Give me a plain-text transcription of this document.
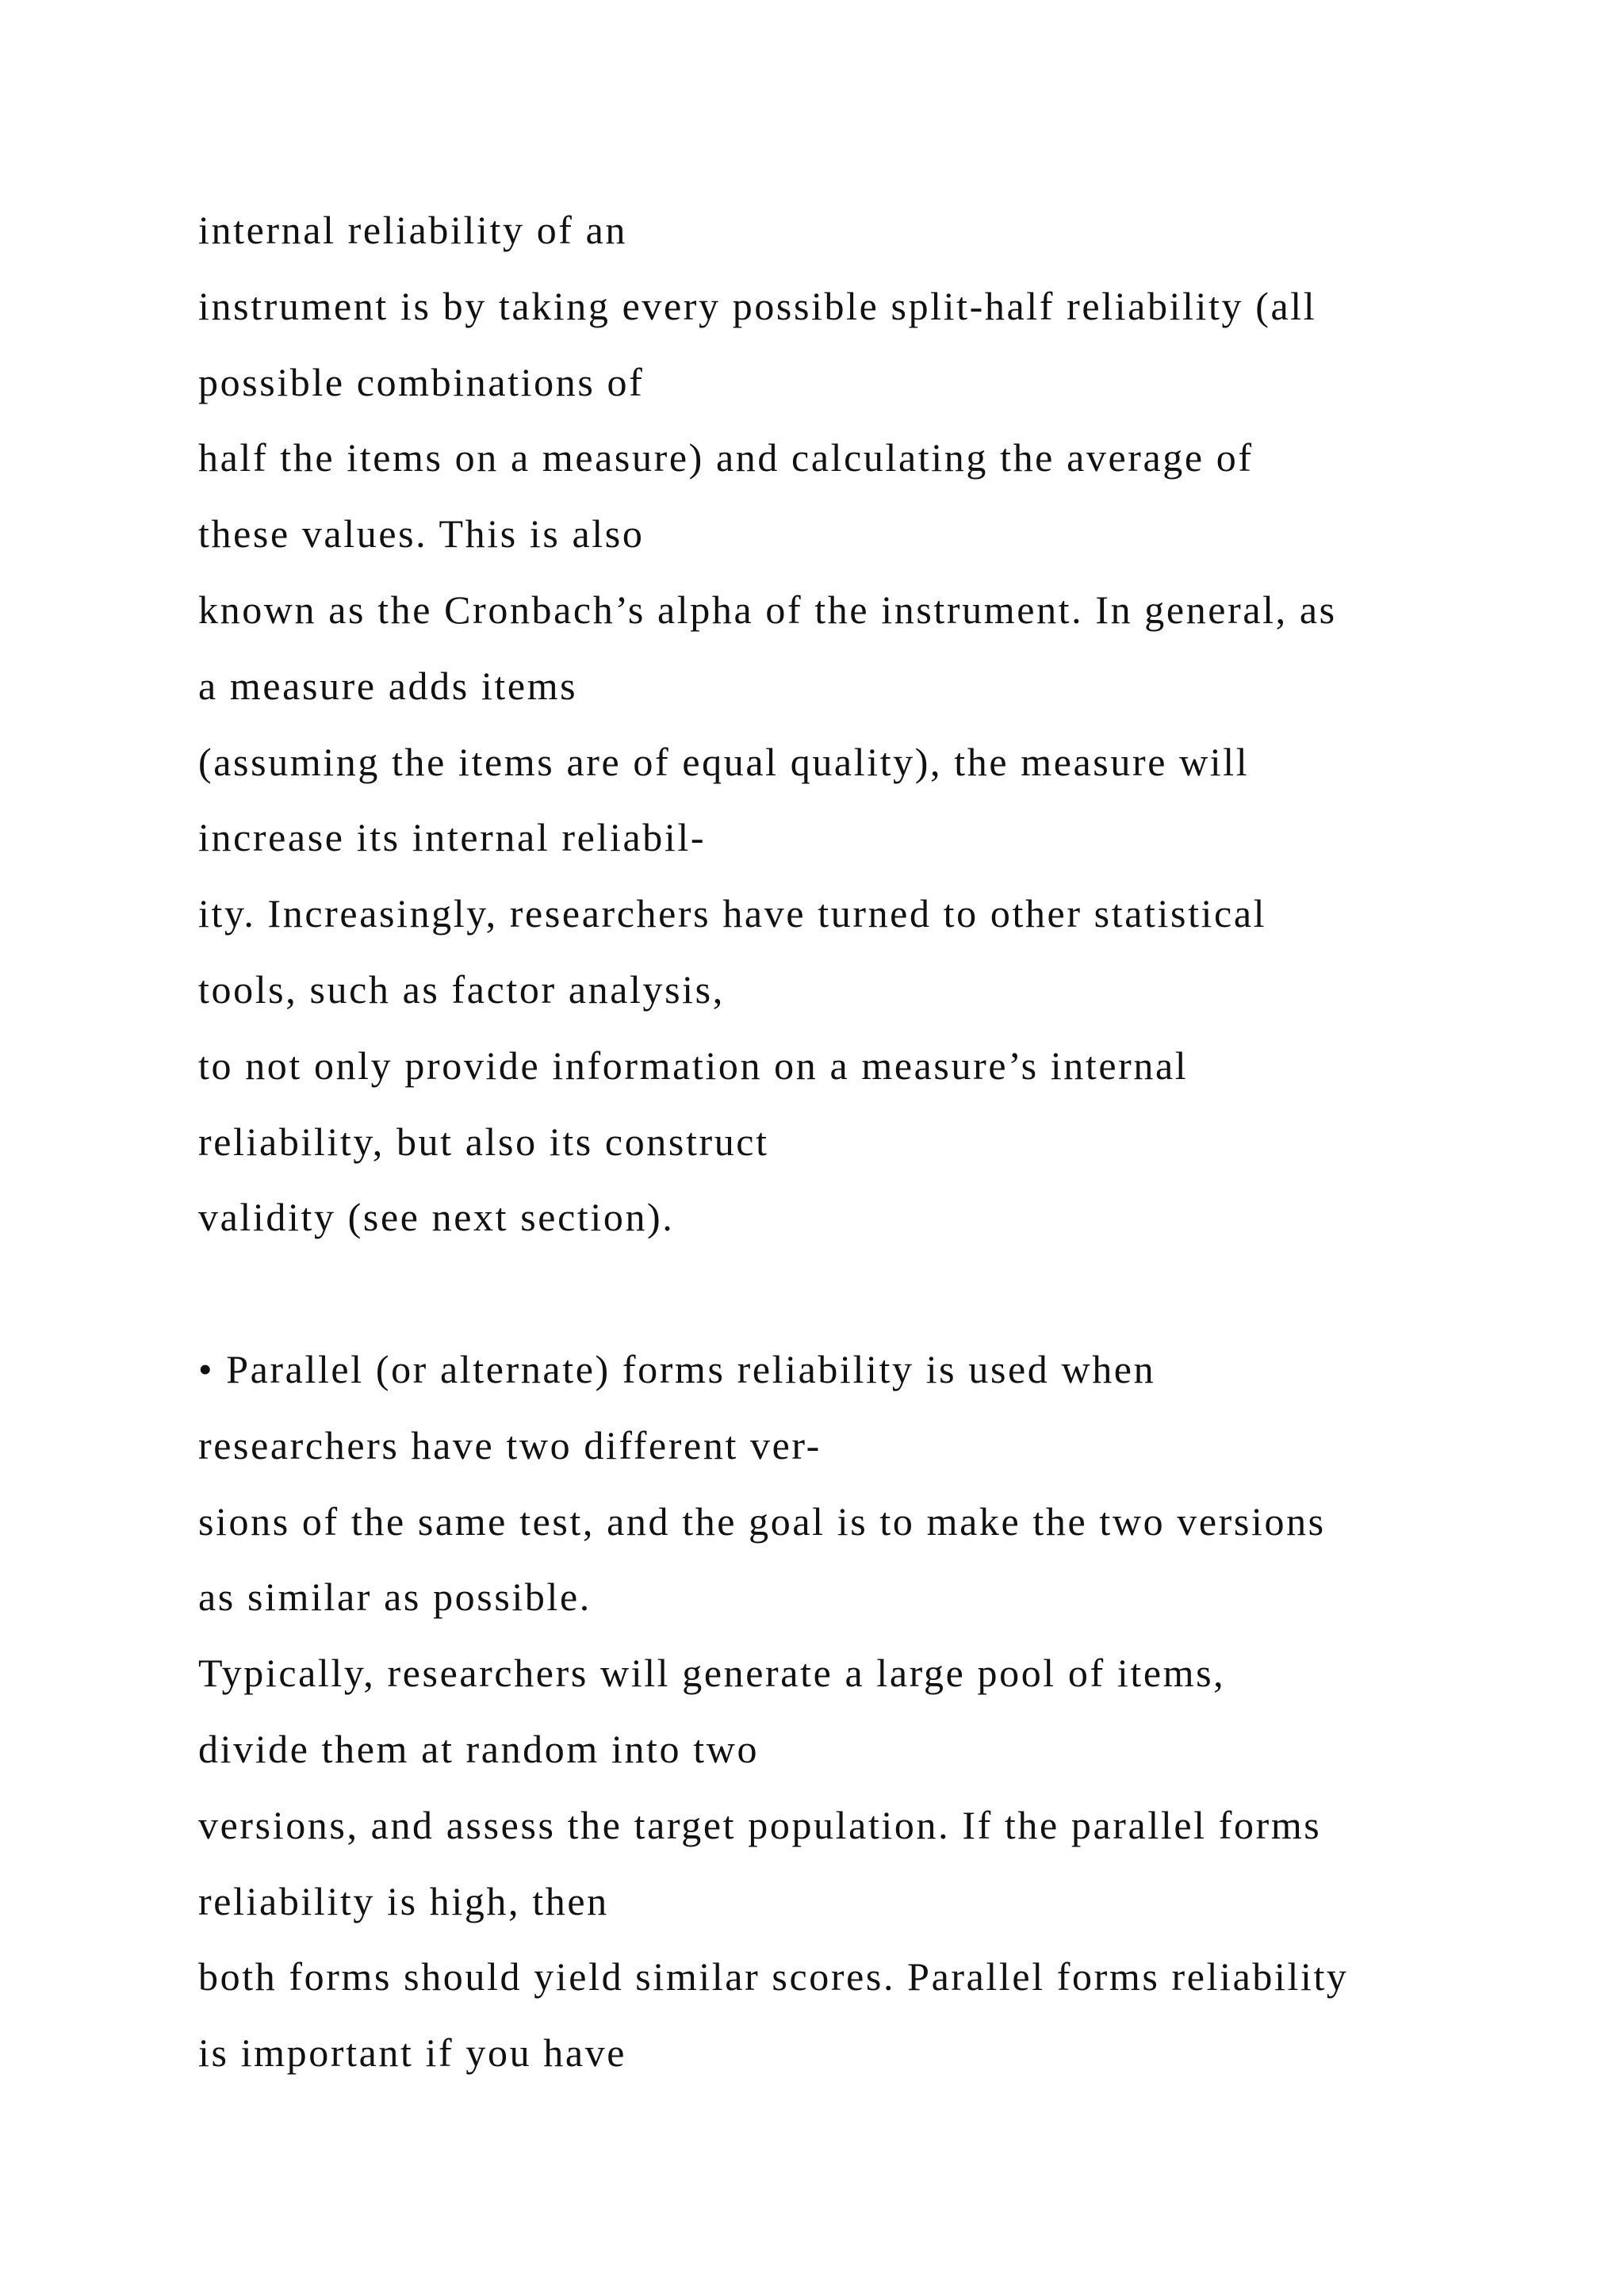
internal reliability of an
instrument is by taking every possible split-half reliability (all
possible combinations of
half the items on a measure) and calculating the average of
these values. This is also
known as the Cronbach’s alpha of the instrument. In general, as
a measure adds items
(assuming the items are of equal quality), the measure will
increase its internal reliabil-
ity. Increasingly, researchers have turned to other statistical
tools, such as factor analysis,
to not only provide information on a measure’s internal
reliability, but also its construct
validity (see next section).
• Parallel (or alternate) forms reliability is used when
researchers have two different ver-
sions of the same test, and the goal is to make the two versions
as similar as possible.
Typically, researchers will generate a large pool of items,
divide them at random into two
versions, and assess the target population. If the parallel forms
reliability is high, then
both forms should yield similar scores. Parallel forms reliability
is important if you have
